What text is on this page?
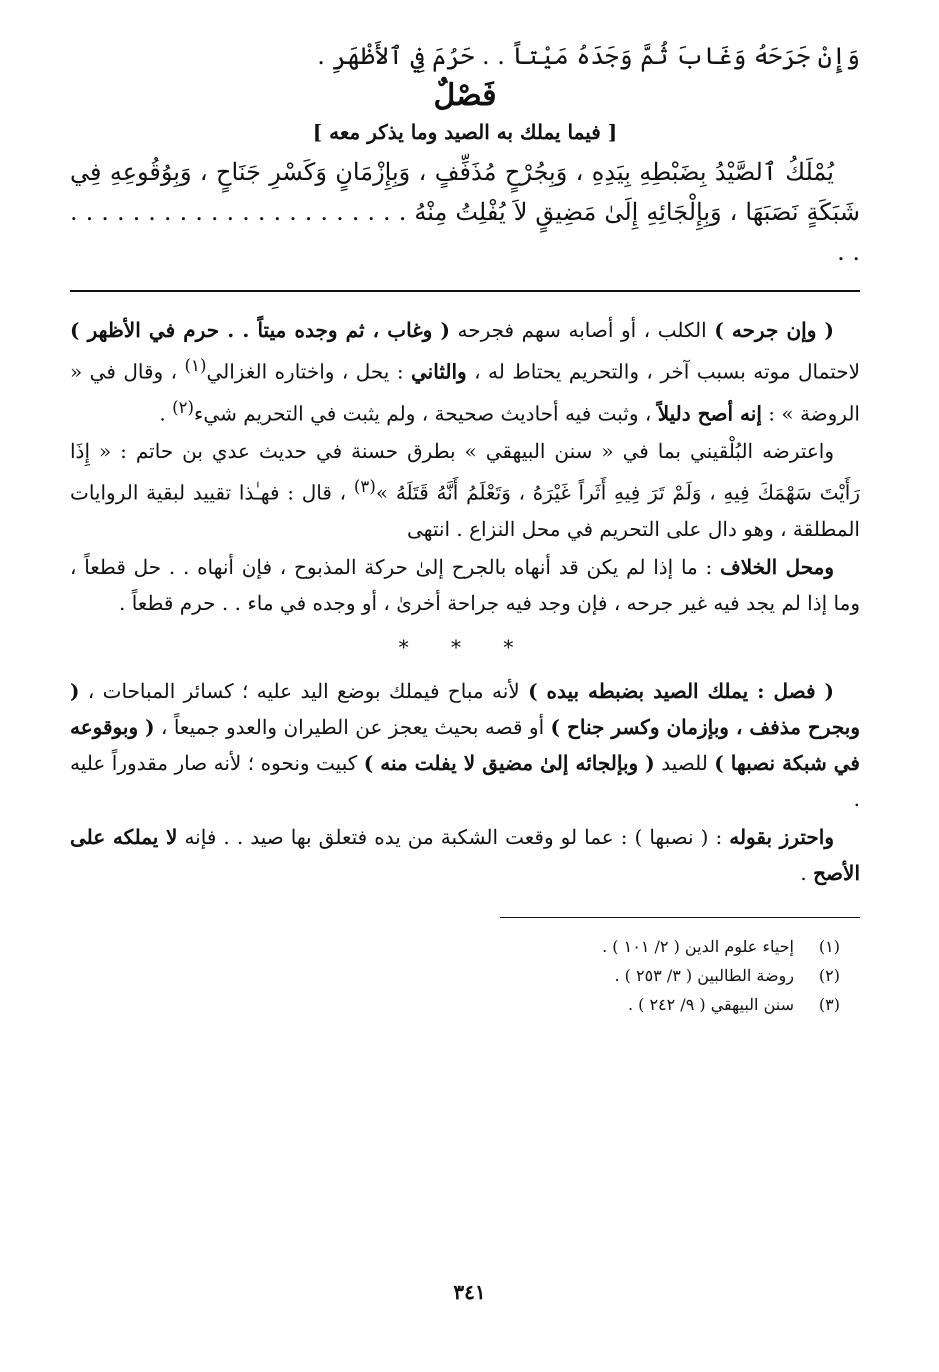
وَإِنْ جَرَحَهُ وَغَابَ ثُمَّ وَجَدَهُ مَيْتاً . . حَرُمَ فِي ٱلأَظْهَرِ .

فَصْلٌ
[ فيما يملك به الصيد وما يذكر معه ]

يُمْلَكُ ٱلصَّيْدُ بِضَبْطِهِ بِيَدِهِ ، وَبِجُرْحٍ مُذَفِّفٍ ، وَبِإِزْمَانٍ وَكَسْرِ جَنَاحٍ ، وَبِوُقُوعِهِ فِي شَبَكَةٍ نَصَبَهَا ، وَبِإِلْجَائِهِ إِلَىٰ مَضِيقٍ لاَ يُفْلِتُ مِنْهُ . . . . . . . . . . . . . . . . . . . . . . . .

( وإن جرحه ) الكلب ، أو أصابه سهم فجرحه ( وغاب ، ثم وجده ميتاً . . حرم في الأظهر ) لاحتمال موته بسبب آخر ، والتحريم يحتاط له ، والثاني : يحل ، واختاره الغزالي$^{(١)}$ ، وقال في « الروضة » : إنه أصح دليلاً ، وثبت فيه أحاديث صحيحة ، ولم يثبت في التحريم شيء$^{(٢)}$ .

واعترضه البُلْقيني بما في « سنن البيهقي » بطرق حسنة في حديث عدي بن حاتم : « إِذَا رَأَيْتَ سَهْمَكَ فِيهِ ، وَلَمْ تَرَ فِيهِ أَثَراً غَيْرَهُ ، وَتَعْلَمُ أَنَّهُ قَتَلَهُ »$^{(٣)}$ ، قال : فهـٰذا تقييد لبقية الروايات المطلقة ، وهو دال على التحريم في محل النزاع . انتهى

ومحل الخلاف : ما إذا لم يكن قد أنهاه بالجرح إلىٰ حركة المذبوح ، فإن أنهاه . . حل قطعاً ، وما إذا لم يجد فيه غير جرحه ، فإن وجد فيه جراحة أخرىٰ ، أو وجده في ماء . . حرم قطعاً .

* * *

( فصل : يملك الصيد بضبطه بيده ) لأنه مباح فيملك بوضع اليد عليه ؛ كسائر المباحات ، ( وبجرح مذفف ، وبإزمان وكسر جناح ) أو قصه بحيث يعجز عن الطيران والعدو جميعاً ، ( وبوقوعه في شبكة نصبها ) للصيد ( وبإلجائه إلىٰ مضيق لا يفلت منه ) كبيت ونحوه ؛ لأنه صار مقدوراً عليه .

واحترز بقوله : ( نصبها ) : عما لو وقعت الشكبة من يده فتعلق بها صيد . . فإنه لا يملكه على الأصح .

(١)إحياء علوم الدين ( ٢/ ١٠١ ) .

(٢)روضة الطالبين ( ٣/ ٢٥٣ ) .

(٣)سنن البيهقي ( ٩/ ٢٤٢ ) .

٣٤١
